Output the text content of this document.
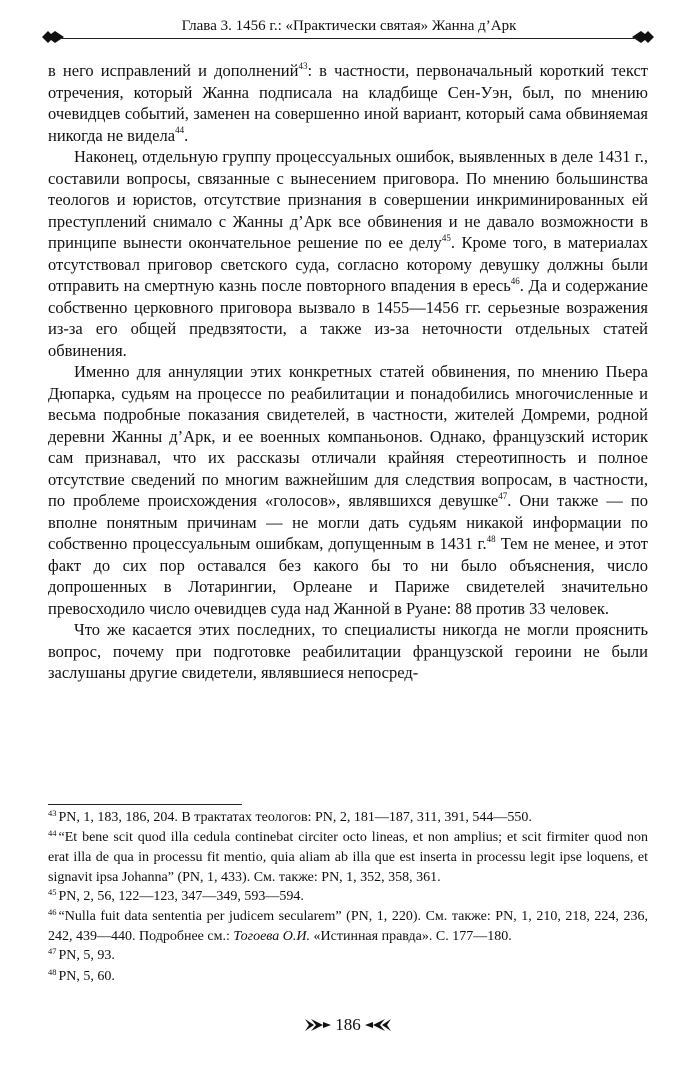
Глава 3. 1456 г.: «Практически святая» Жанна д’Арк

в него исправлений и дополнений$^{43}$: в частности, первоначальный короткий текст отречения, который Жанна подписала на кладбище Сен-Уэн, был, по мнению очевидцев событий, заменен на совершенно иной вариант, который сама обвиняемая никогда не видела$^{44}$.

Наконец, отдельную группу процессуальных ошибок, выявленных в деле 1431 г., составили вопросы, связанные с вынесением приговора. По мнению большинства теологов и юристов, отсутствие признания в совершении инкриминированных ей преступлений снимало с Жанны д’Арк все обвинения и не давало возможности в принципе вынести окончательное решение по ее делу$^{45}$. Кроме того, в материалах отсутствовал приговор светского суда, согласно которому девушку должны были отправить на смертную казнь после повторного впадения в ересь$^{46}$. Да и содержание собственно церковного приговора вызвало в 1455—1456 гг. серьезные возражения из-за его общей предвзятости, а также из-за неточности отдельных статей обвинения.

Именно для аннуляции этих конкретных статей обвинения, по мнению Пьера Дюпарка, судьям на процессе по реабилитации и понадобились многочисленные и весьма подробные показания свидетелей, в частности, жителей Домреми, родной деревни Жанны д’Арк, и ее военных компаньонов. Однако, французский историк сам признавал, что их рассказы отличали крайняя стереотипность и полное отсутствие сведений по многим важнейшим для следствия вопросам, в частности, по проблеме происхождения «голосов», являвшихся девушке$^{47}$. Они также — по вполне понятным причинам — не могли дать судьям никакой информации по собственно процессуальным ошибкам, допущенным в 1431 г.$^{48}$ Тем не менее, и этот факт до сих пор оставался без какого бы то ни было объяснения, число допрошенных в Лотарингии, Орлеане и Париже свидетелей значительно превосходило число очевидцев суда над Жанной в Руане: 88 против 33 человек.

Что же касается этих последних, то специалисты никогда не могли прояснить вопрос, почему при подготовке реабилитации французской героини не были заслушаны другие свидетели, являвшиеся непосред-

$^{43}$ PN, 1, 183, 186, 204. В трактатах теологов: PN, 2, 181—187, 311, 391, 544—550.

$^{44}$ “Et bene scit quod illa cedula continebat circiter octo lineas, et non amplius; et scit firmiter quod non erat illa de qua in processu fit mentio, quia aliam ab illa que est inserta in processu legit ipse loquens, et signavit ipsa Johanna” (PN, 1, 433). См. также: PN, 1, 352, 358, 361.

$^{45}$ PN, 2, 56, 122—123, 347—349, 593—594.

$^{46}$ “Nulla fuit data sententia per judicem secularem” (PN, 1, 220). См. также: PN, 1, 210, 218, 224, 236, 242, 439—440. Подробнее см.: Тогоева О.И. «Истинная правда». С. 177—180.

$^{47}$ PN, 5, 93.

$^{48}$ PN, 5, 60.

186
